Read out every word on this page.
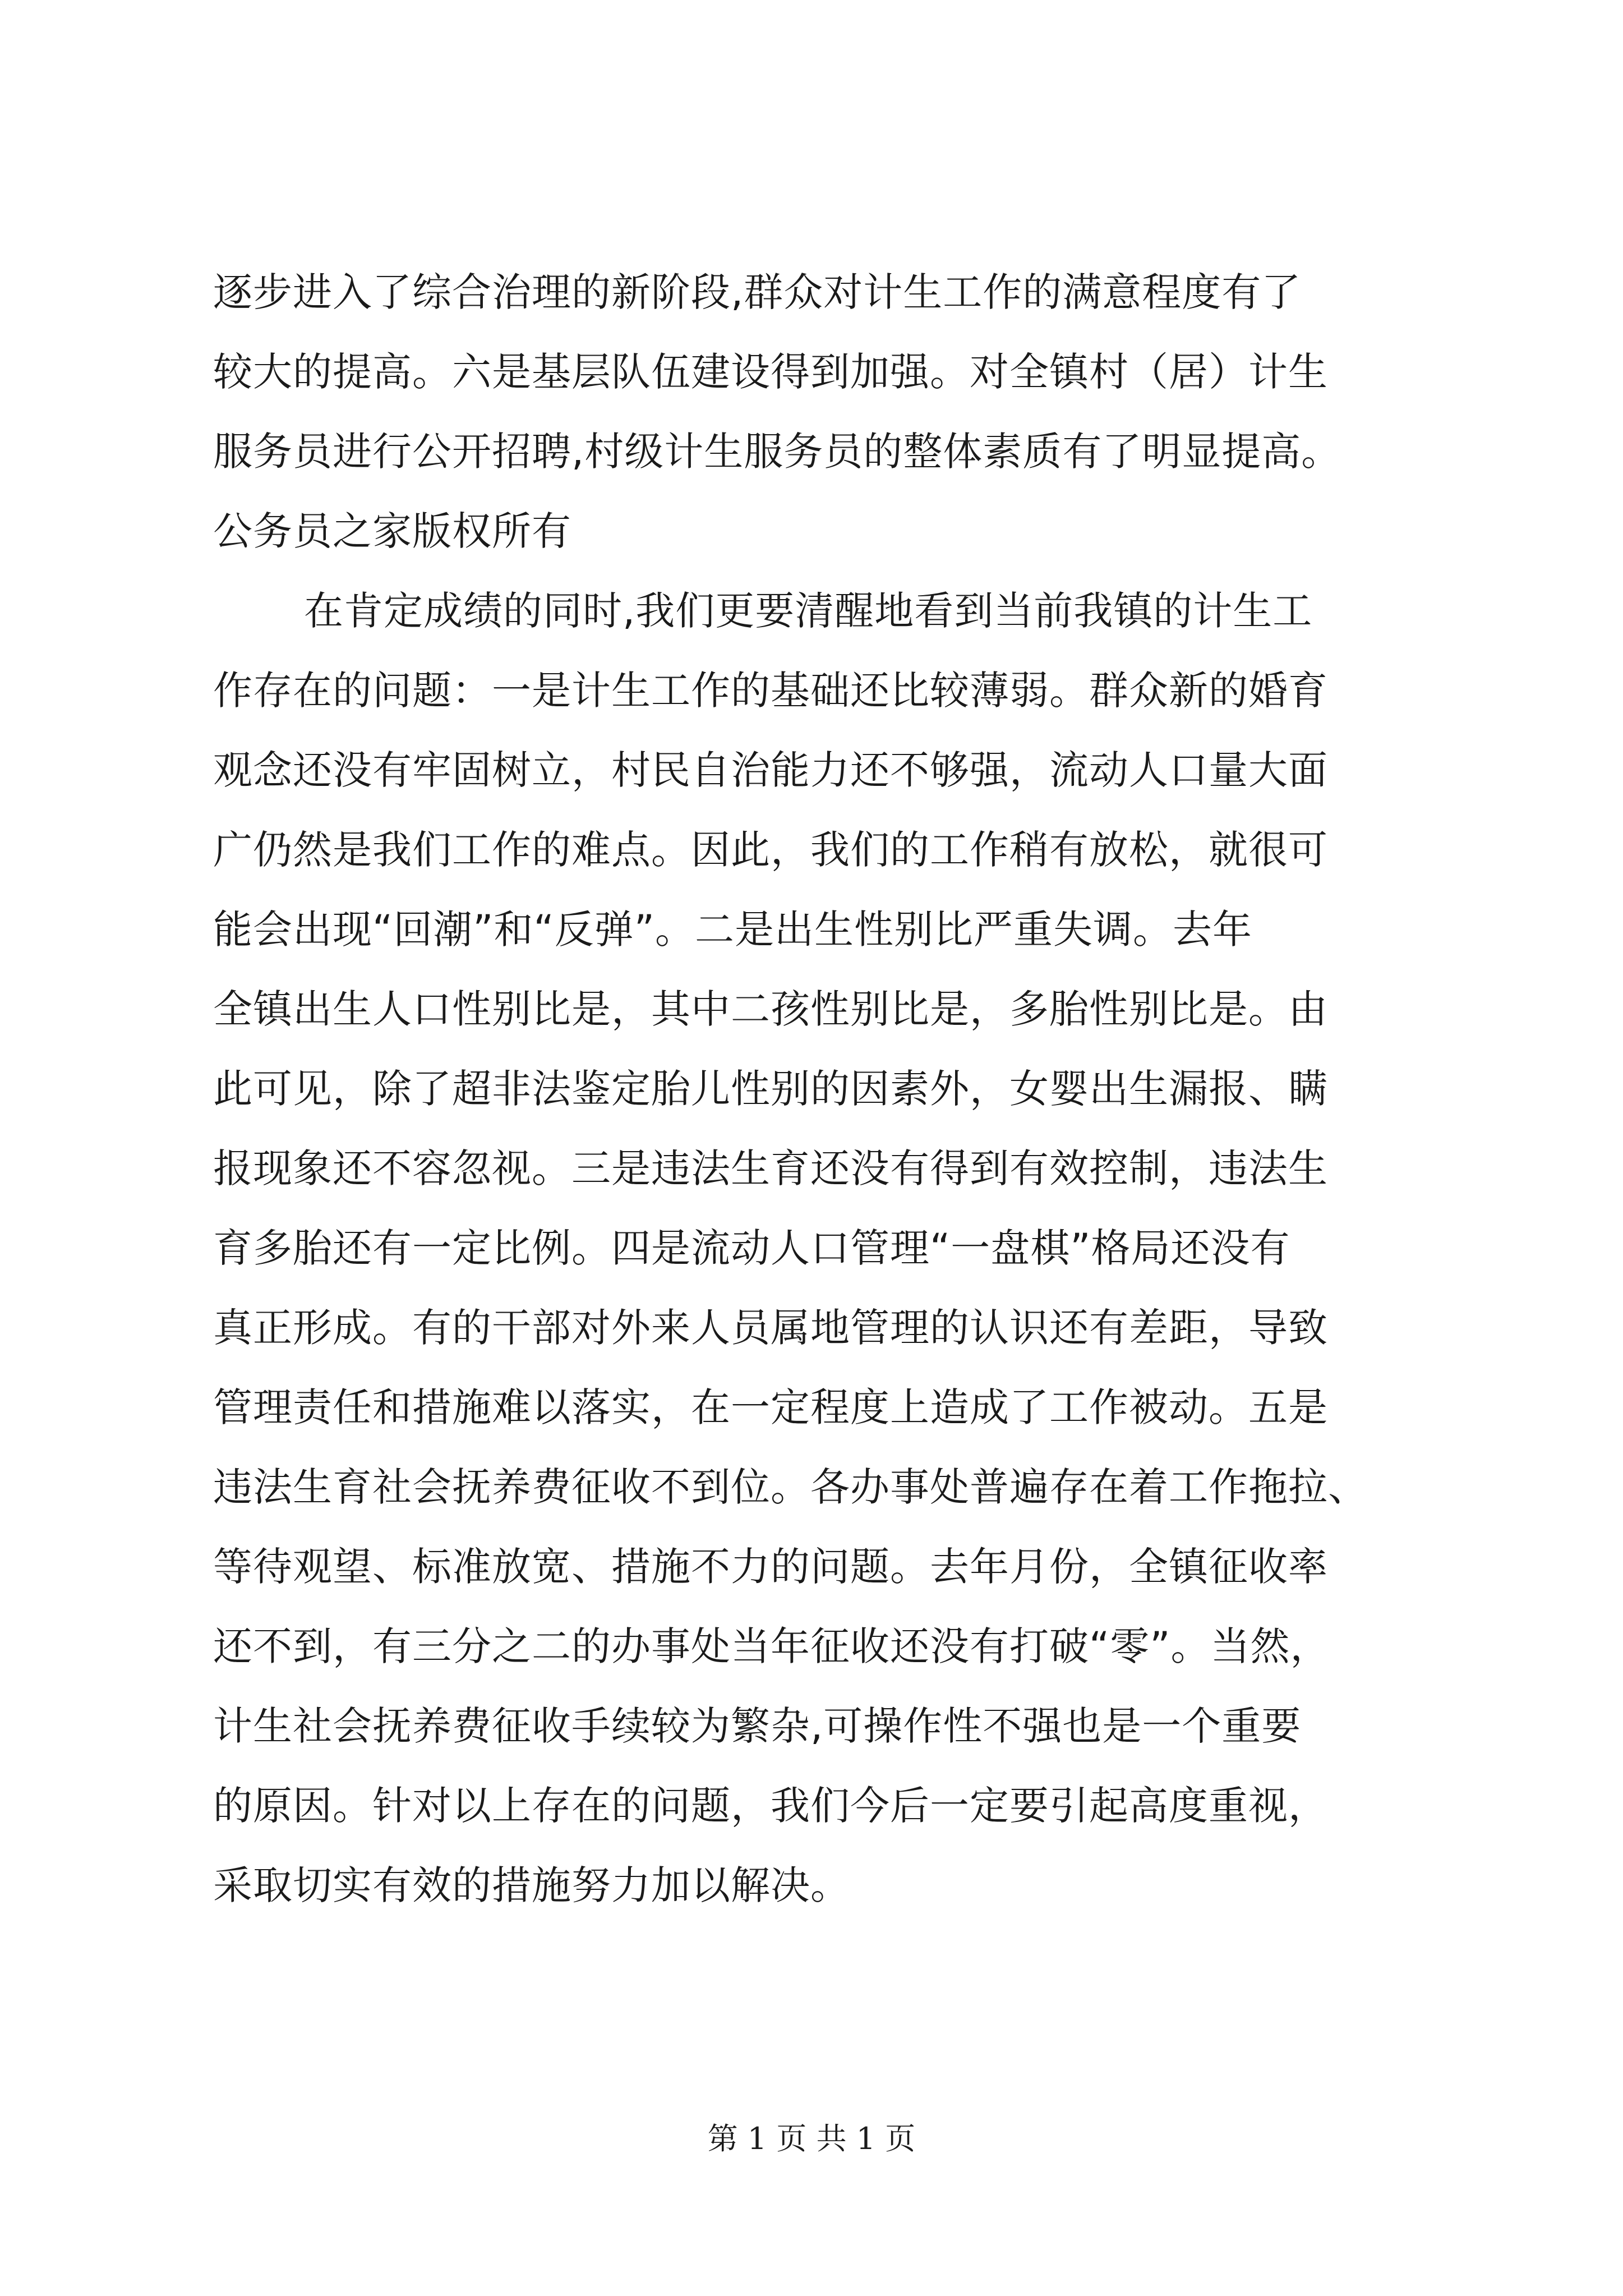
逐步进入了综合治理的新阶段,群众对计生工作的满意程度有了
较大的提高。六是基层队伍建设得到加强。对全镇村（居）计生
服务员进行公开招聘,村级计生服务员的整体素质有了明显提高。
公务员之家版权所有
在肯定成绩的同时,我们更要清醒地看到当前我镇的计生工
作存在的问题：一是计生工作的基础还比较薄弱。群众新的婚育
观念还没有牢固树立，村民自治能力还不够强，流动人口量大面
广仍然是我们工作的难点。因此，我们的工作稍有放松，就很可
能会出现“回潮”和“反弹”。二是出生性别比严重失调。去年
全镇出生人口性别比是，其中二孩性别比是，多胎性别比是。由
此可见，除了超非法鉴定胎儿性别的因素外，女婴出生漏报、瞒
报现象还不容忽视。三是违法生育还没有得到有效控制，违法生
育多胎还有一定比例。四是流动人口管理“一盘棋”格局还没有
真正形成。有的干部对外来人员属地管理的认识还有差距，导致
管理责任和措施难以落实，在一定程度上造成了工作被动。五是
违法生育社会抚养费征收不到位。各办事处普遍存在着工作拖拉、
等待观望、标准放宽、措施不力的问题。去年月份，全镇征收率
还不到，有三分之二的办事处当年征收还没有打破“零”。当然，
计生社会抚养费征收手续较为繁杂,可操作性不强也是一个重要
的原因。针对以上存在的问题，我们今后一定要引起高度重视，
采取切实有效的措施努力加以解决。
第 1 页 共 1 页
